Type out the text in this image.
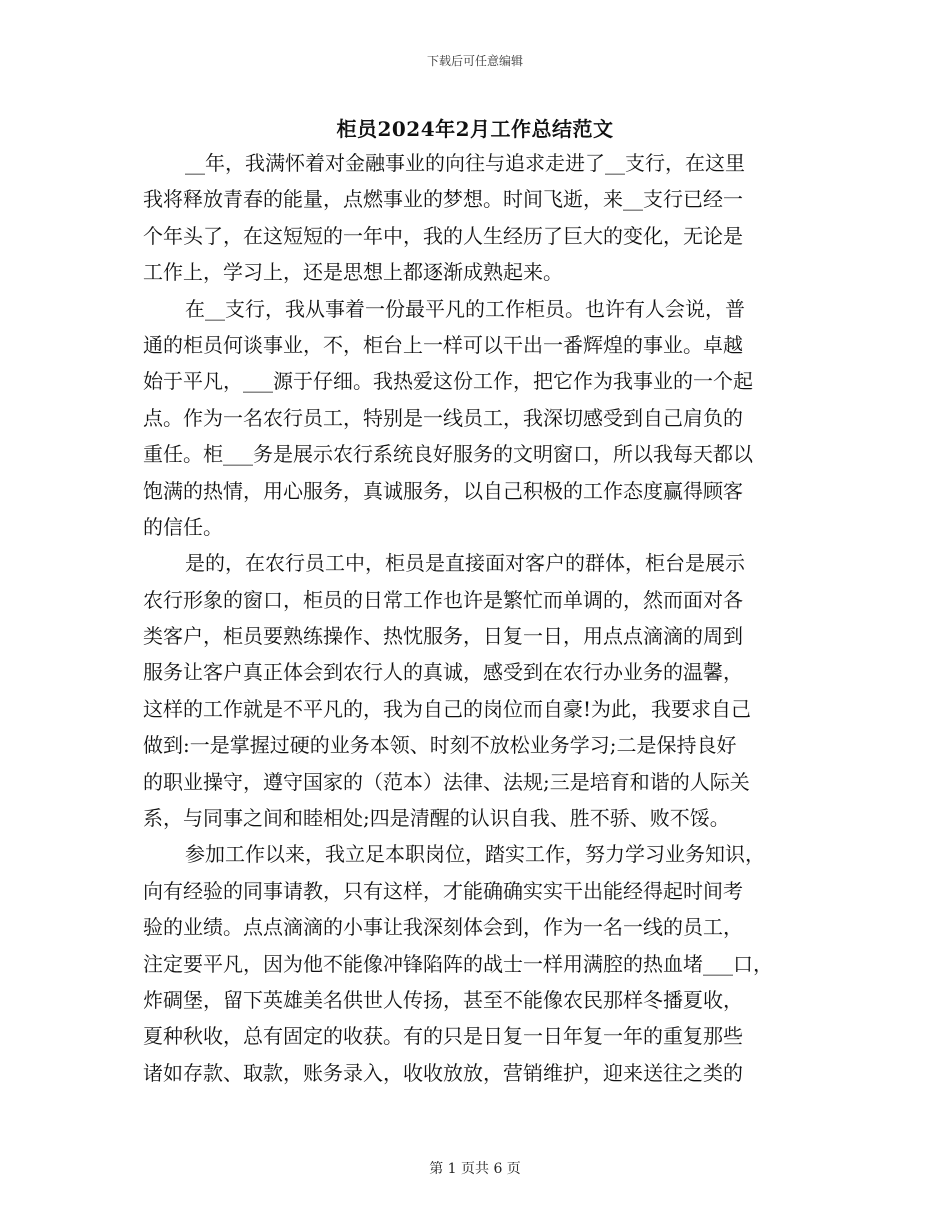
下载后可任意编辑
柜员2024年2月工作总结范文
__年，我满怀着对金融事业的向往与追求走进了__支行，在这里
我将释放青春的能量，点燃事业的梦想。时间飞逝，来__支行已经一
个年头了，在这短短的一年中，我的人生经历了巨大的变化，无论是
工作上，学习上，还是思想上都逐渐成熟起来。
在__支行，我从事着一份最平凡的工作柜员。也许有人会说，普
通的柜员何谈事业，不，柜台上一样可以干出一番辉煌的事业。卓越
始于平凡，___源于仔细。我热爱这份工作，把它作为我事业的一个起
点。作为一名农行员工，特别是一线员工，我深切感受到自己肩负的
重任。柜___务是展示农行系统良好服务的文明窗口，所以我每天都以
饱满的热情，用心服务，真诚服务，以自己积极的工作态度赢得顾客
的信任。
是的，在农行员工中，柜员是直接面对客户的群体，柜台是展示
农行形象的窗口，柜员的日常工作也许是繁忙而单调的，然而面对各
类客户，柜员要熟练操作、热忱服务，日复一日，用点点滴滴的周到
服务让客户真正体会到农行人的真诚，感受到在农行办业务的温馨，
这样的工作就是不平凡的，我为自己的岗位而自豪!为此，我要求自己
做到:一是掌握过硬的业务本领、时刻不放松业务学习;二是保持良好
的职业操守，遵守国家的（范本）法律、法规;三是培育和谐的人际关
系，与同事之间和睦相处;四是清醒的认识自我、胜不骄、败不馁。
参加工作以来，我立足本职岗位，踏实工作，努力学习业务知识，
向有经验的同事请教，只有这样，才能确确实实干出能经得起时间考
验的业绩。点点滴滴的小事让我深刻体会到，作为一名一线的员工，
注定要平凡，因为他不能像冲锋陷阵的战士一样用满腔的热血堵___口，
炸碉堡，留下英雄美名供世人传扬，甚至不能像农民那样冬播夏收，
夏种秋收，总有固定的收获。有的只是日复一日年复一年的重复那些
诸如存款、取款，账务录入，收收放放，营销维护，迎来送往之类的
第 1 页共 6 页
